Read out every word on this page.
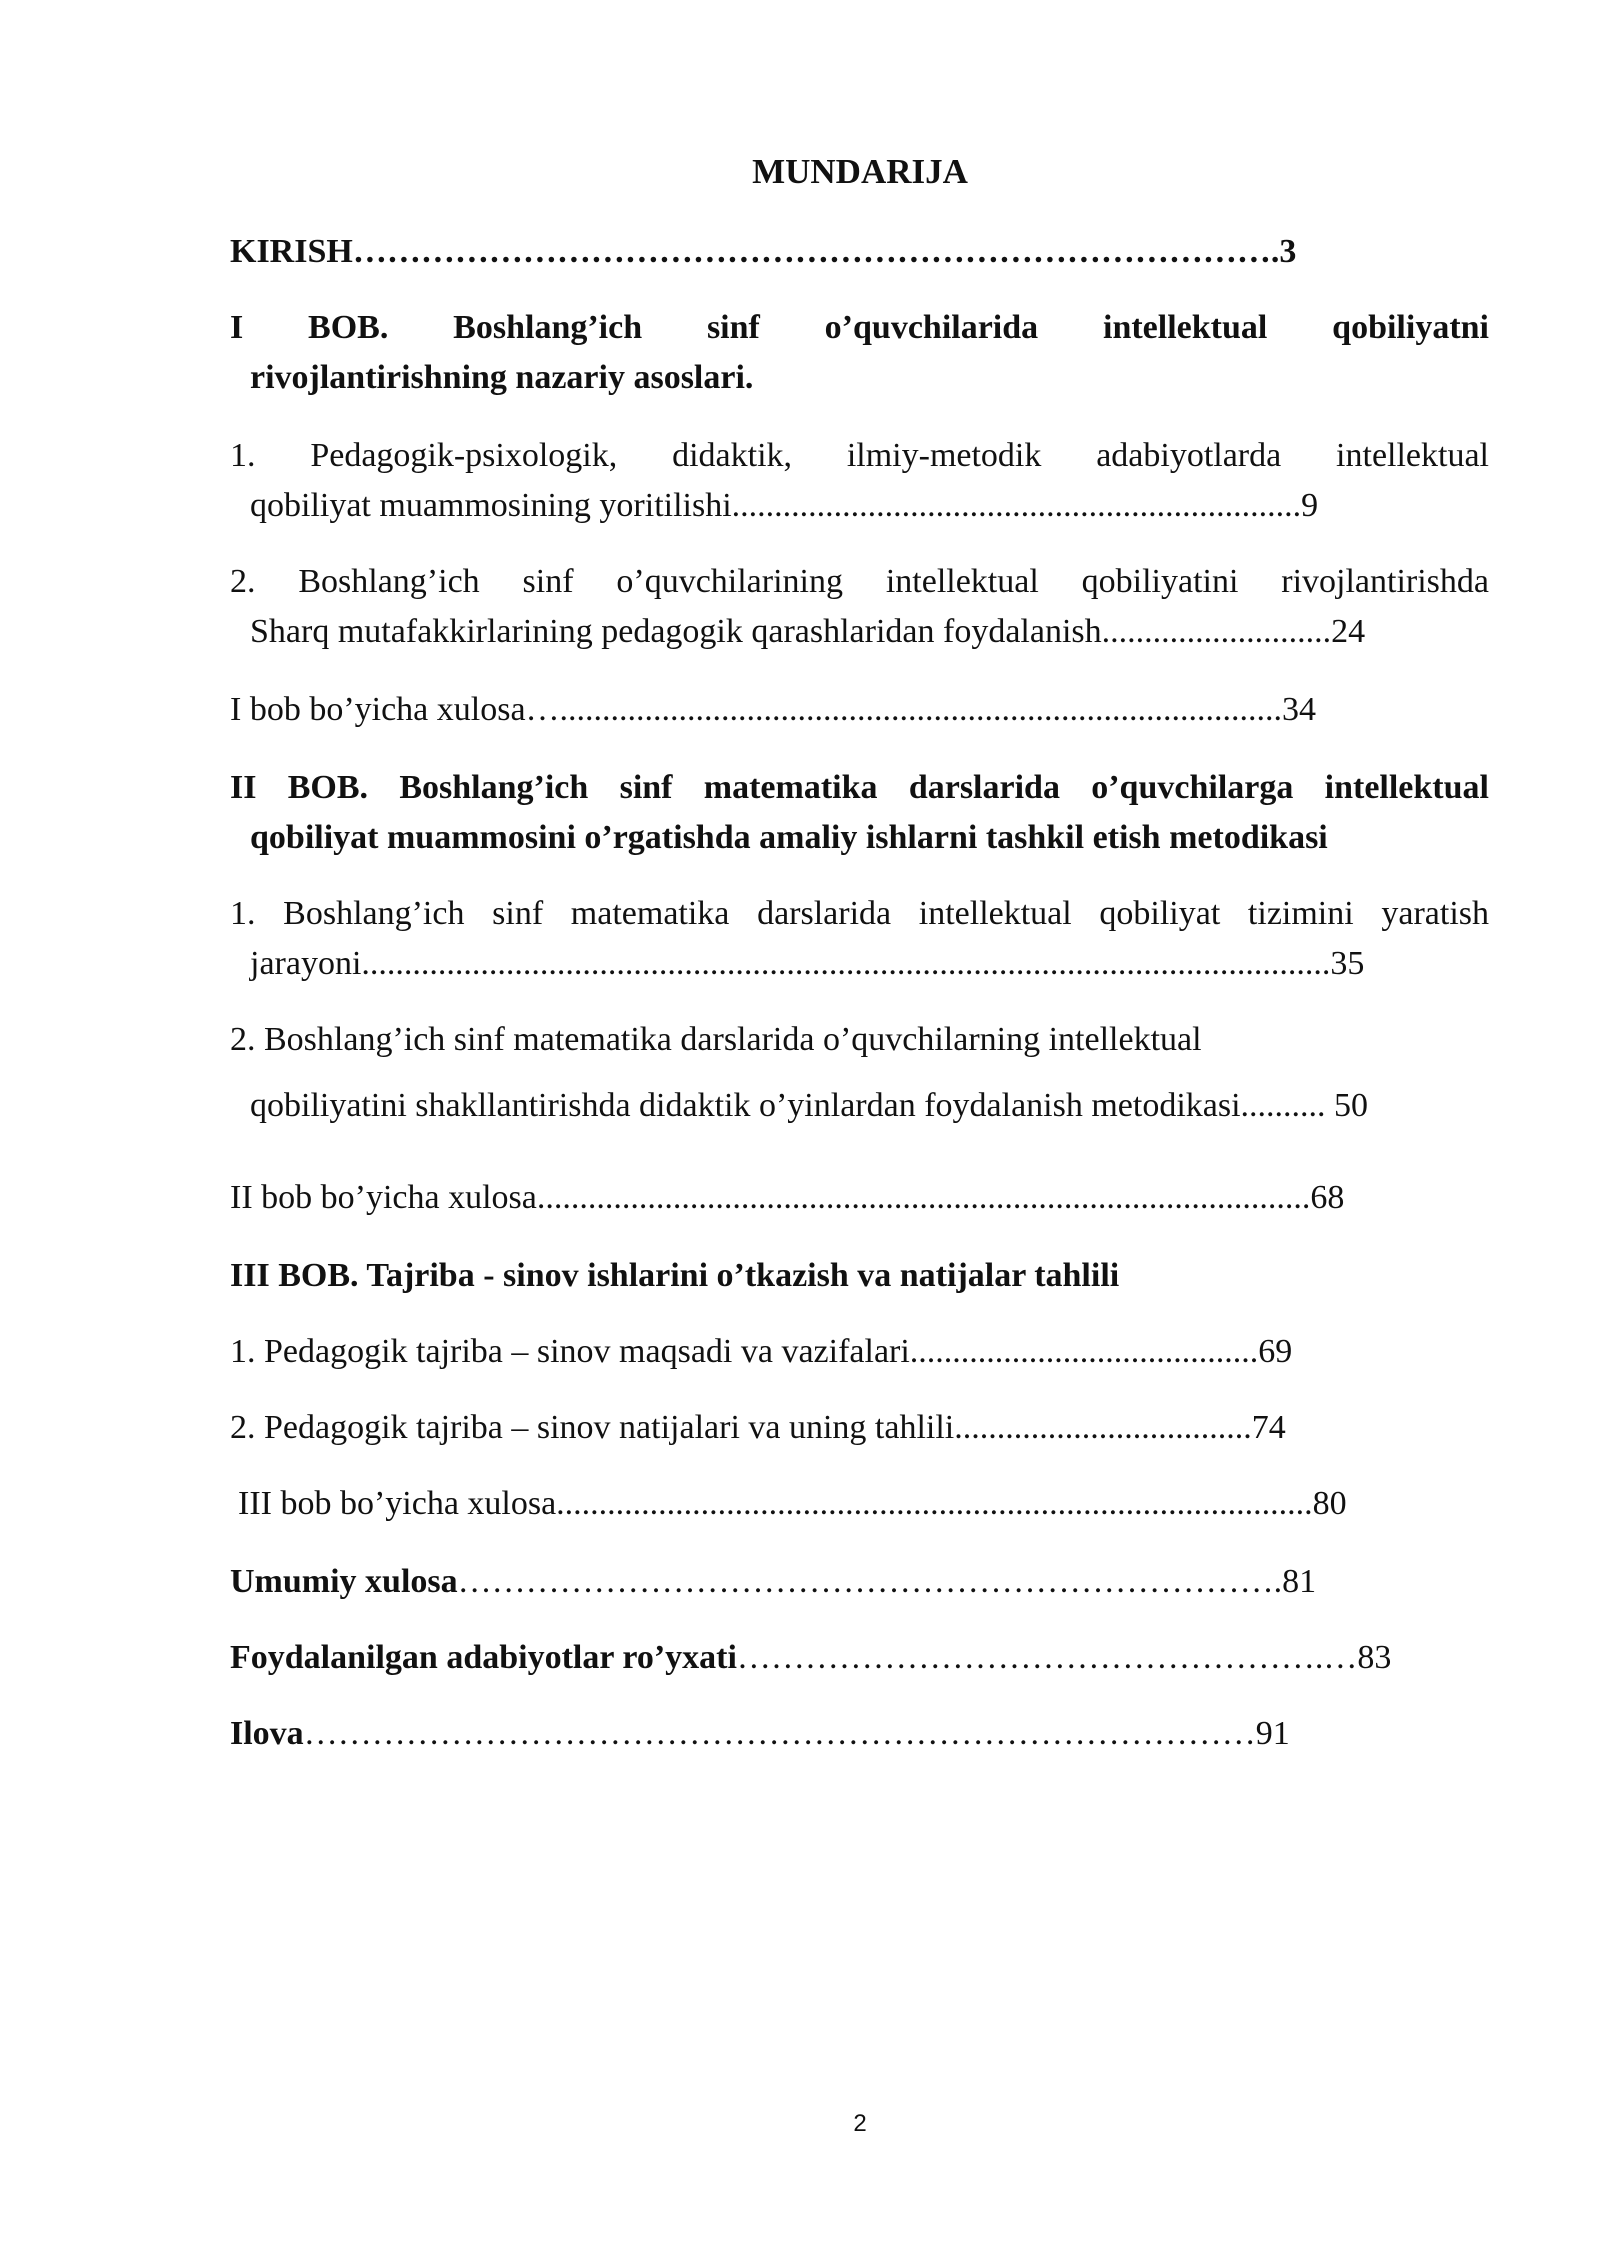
MUNDARIJA
KIRISH……………………………………………………………………….3
I BOB. Boshlang’ich sinf o’quvchilarida intellektual qobiliyatni
rivojlantirishning nazariy asoslari.
1. Pedagogik-psixologik, didaktik, ilmiy-metodik adabiyotlarda intellektual
qobiliyat muammosining yoritilishi...................................................................9
2. Boshlang’ich sinf o’quvchilarining intellektual qobiliyatini rivojlantirishda
Sharq mutafakkirlarining pedagogik qarashlaridan foydalanish...........................24
I bob bo’yicha xulosa….....................................................................................34
II BOB. Boshlang’ich sinf matematika darslarida o’quvchilarga intellektual
qobiliyat muammosini o’rgatishda amaliy ishlarni tashkil etish metodikasi
1. Boshlang’ich sinf matematika darslarida intellektual qobiliyat tizimini yaratish
jarayoni..................................................................................................................35
2. Boshlang’ich sinf matematika darslarida o’quvchilarning intellektual
qobiliyatini shakllantirishda didaktik o’yinlardan foydalanish metodikasi.......... 50
II bob bo’yicha xulosa...........................................................................................68
III BOB. Tajriba - sinov ishlarini o’tkazish va natijalar tahlili
1. Pedagogik tajriba – sinov maqsadi va vazifalari.........................................69
2. Pedagogik tajriba – sinov natijalari va uning tahlili...................................74
III bob bo’yicha xulosa.........................................................................................80
Umumiy xulosa……………………………………………………………….81
Foydalanilgan adabiyotlar ro’yxati…………………………………………….…83
Ilova…………………………………………………………………………91
2
